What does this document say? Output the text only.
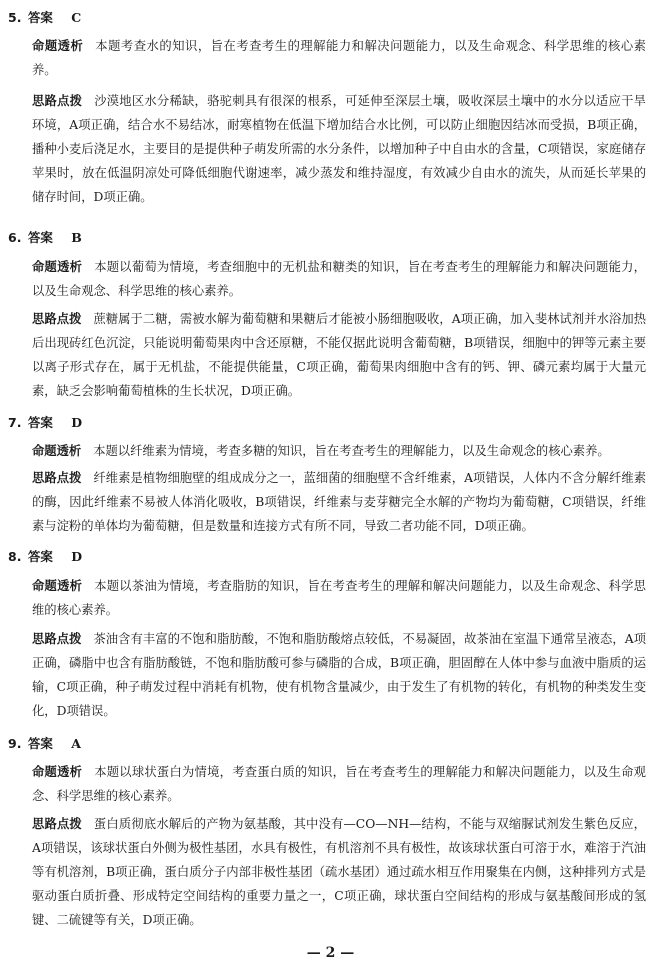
5. 答案 C
命题透析 本题考查水的知识，旨在考查考生的理解能力和解决问题能力，以及生命观念、科学思维的核心素养。
思路点拨 沙漠地区水分稀缺，骆驼刺具有很深的根系，可延伸至深层土壤，吸收深层土壤中的水分以适应干旱环境，A项正确，结合水不易结冰，耐寒植物在低温下增加结合水比例，可以防止细胞因结冰而受损，B项正确，播种小麦后浇足水，主要目的是提供种子萌发所需的水分条件，以增加种子中自由水的含量，C项错误，家庭储存苹果时，放在低温阴凉处可降低细胞代谢速率，减少蒸发和维持湿度，有效减少自由水的流失，从而延长苹果的储存时间，D项正确。
6. 答案 B
命题透析 本题以葡萄为情境，考查细胞中的无机盐和糖类的知识，旨在考查考生的理解能力和解决问题能力，以及生命观念、科学思维的核心素养。
思路点拨 蔗糖属于二糖，需被水解为葡萄糖和果糖后才能被小肠细胞吸收，A项正确，加入斐林试剂并水浴加热后出现砖红色沉淀，只能说明葡萄果肉中含还原糖，不能仅据此说明含葡萄糖，B项错误，细胞中的钾等元素主要以离子形式存在，属于无机盐，不能提供能量，C项正确，葡萄果肉细胞中含有的钙、钾、磷元素均属于大量元素，缺乏会影响葡萄植株的生长状况，D项正确。
7. 答案 D
命题透析 本题以纤维素为情境，考查多糖的知识，旨在考查考生的理解能力，以及生命观念的核心素养。
思路点拨 纤维素是植物细胞壁的组成成分之一，蓝细菌的细胞壁不含纤维素，A项错误，人体内不含分解纤维素的酶，因此纤维素不易被人体消化吸收，B项错误，纤维素与麦芽糖完全水解的产物均为葡萄糖，C项错误，纤维素与淀粉的单体均为葡萄糖，但是数量和连接方式有所不同，导致二者功能不同，D项正确。
8. 答案 D
命题透析 本题以茶油为情境，考查脂肪的知识，旨在考查考生的理解和解决问题能力，以及生命观念、科学思维的核心素养。
思路点拨 茶油含有丰富的不饱和脂肪酸，不饱和脂肪酸熔点较低，不易凝固，故茶油在室温下通常呈液态，A项正确，磷脂中也含有脂肪酸链，不饱和脂肪酸可参与磷脂的合成，B项正确，胆固醇在人体中参与血液中脂质的运输，C项正确，种子萌发过程中消耗有机物，使有机物含量减少，由于发生了有机物的转化，有机物的种类发生变化，D项错误。
9. 答案 A
命题透析 本题以球状蛋白为情境，考查蛋白质的知识，旨在考查考生的理解能力和解决问题能力，以及生命观念、科学思维的核心素养。
思路点拨 蛋白质彻底水解后的产物为氨基酸，其中没有—CO—NH—结构，不能与双缩脲试剂发生紫色反应，A项错误，该球状蛋白外侧为极性基团，水具有极性，有机溶剂不具有极性，故该球状蛋白可溶于水，难溶于汽油等有机溶剂，B项正确，蛋白质分子内部非极性基团（疏水基团）通过疏水相互作用聚集在内侧，这种排列方式是驱动蛋白质折叠、形成特定空间结构的重要力量之一，C项正确，球状蛋白空间结构的形成与氨基酸间形成的氢键、二硫键等有关，D项正确。
— 2 —
